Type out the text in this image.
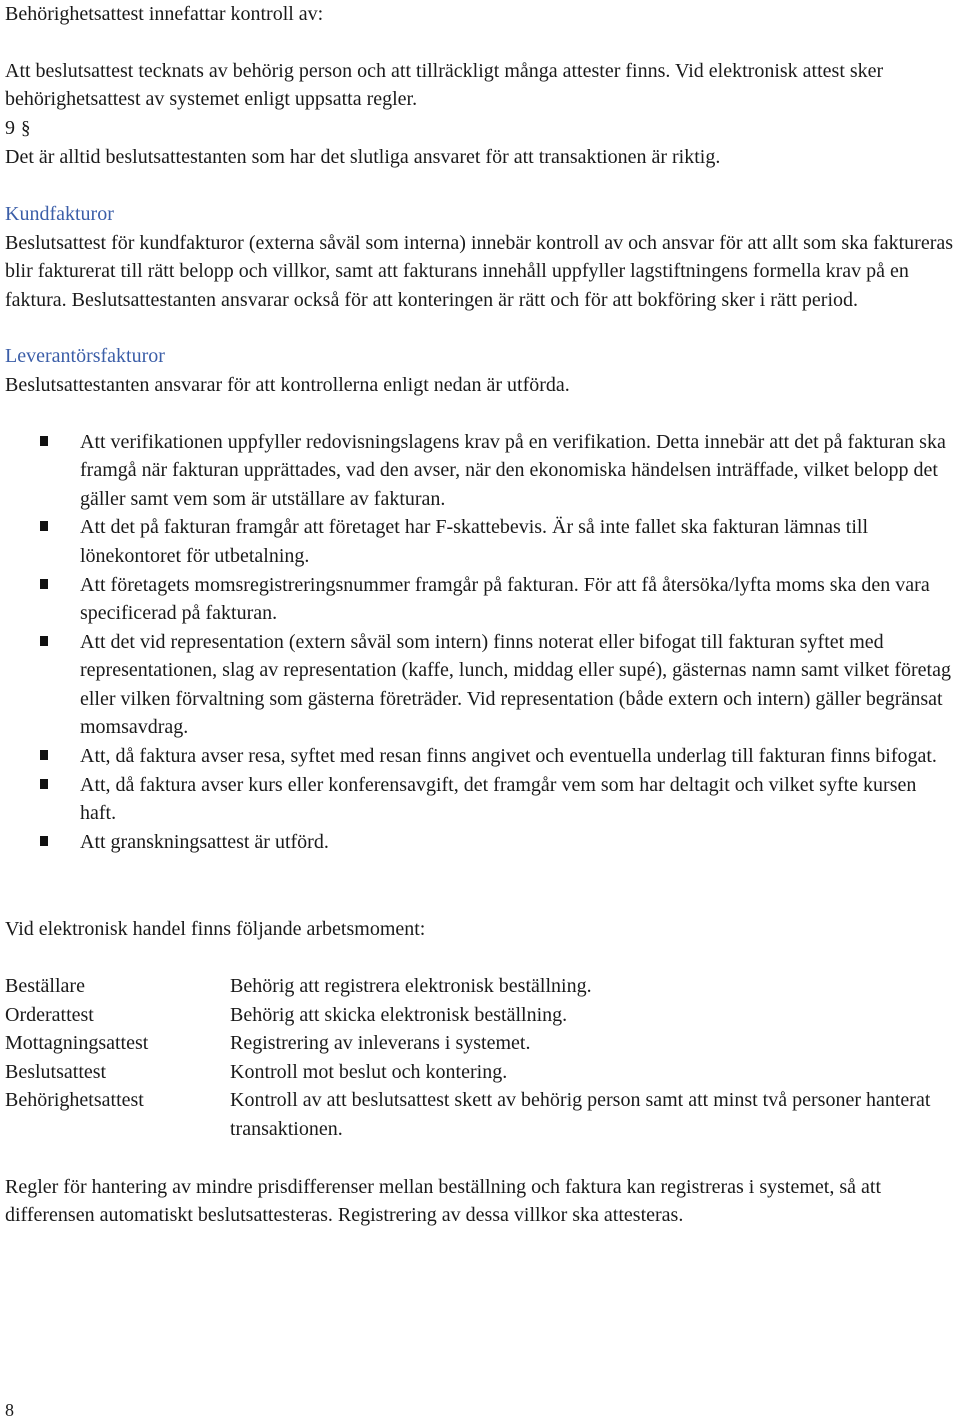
Behörighetsattest innefattar kontroll av:

Att beslutsattest tecknats av behörig person och att tillräckligt många attester finns. Vid elektronisk attest sker behörighetsattest av systemet enligt uppsatta regler.

9 §

Det är alltid beslutsattestanten som har det slutliga ansvaret för att transaktionen är riktig.

Kundfakturor

Beslutsattest för kundfakturor (externa såväl som interna) innebär kontroll av och ansvar för att allt som ska faktureras blir fakturerat till rätt belopp och villkor, samt att fakturans innehåll uppfyller lagstiftningens formella krav på en faktura. Beslutsattestanten ansvarar också för att konteringen är rätt och för att bokföring sker i rätt period.

Leverantörsfakturor

Beslutsattestanten ansvarar för att kontrollerna enligt nedan är utförda.

Att verifikationen uppfyller redovisningslagens krav på en verifikation. Detta innebär att det på fakturan ska framgå när fakturan upprättades, vad den avser, när den ekonomiska händelsen inträffade, vilket belopp det gäller samt vem som är utställare av fakturan.
Att det på fakturan framgår att företaget har F-skattebevis. Är så inte fallet ska fakturan lämnas till lönekontoret för utbetalning.
Att företagets momsregistreringsnummer framgår på fakturan. För att få återsöka/lyfta moms ska den vara specificerad på fakturan.
Att det vid representation (extern såväl som intern) finns noterat eller bifogat till fakturan syftet med representationen, slag av representation (kaffe, lunch, middag eller supé), gästernas namn samt vilket företag eller vilken förvaltning som gästerna företräder. Vid representation (både extern och intern) gäller begränsat momsavdrag.
Att, då faktura avser resa, syftet med resan finns angivet och eventuella underlag till fakturan finns bifogat.
Att, då faktura avser kurs eller konferensavgift, det framgår vem som har deltagit och vilket syfte kursen haft.
Att granskningsattest är utförd.

Vid elektronisk handel finns följande arbetsmoment:

Beställare	Behörig att registrera elektronisk beställning.
Orderattest	Behörig att skicka elektronisk beställning.
Mottagningsattest	Registrering av inleverans i systemet.
Beslutsattest	Kontroll mot beslut och kontering.
Behörighetsattest	Kontroll av att beslutsattest skett av behörig person samt att minst två personer hanterat transaktionen.

Regler för hantering av mindre prisdifferenser mellan beställning och faktura kan registreras i systemet, så att differensen automatiskt beslutsattesteras. Registrering av dessa villkor ska attesteras.

8
